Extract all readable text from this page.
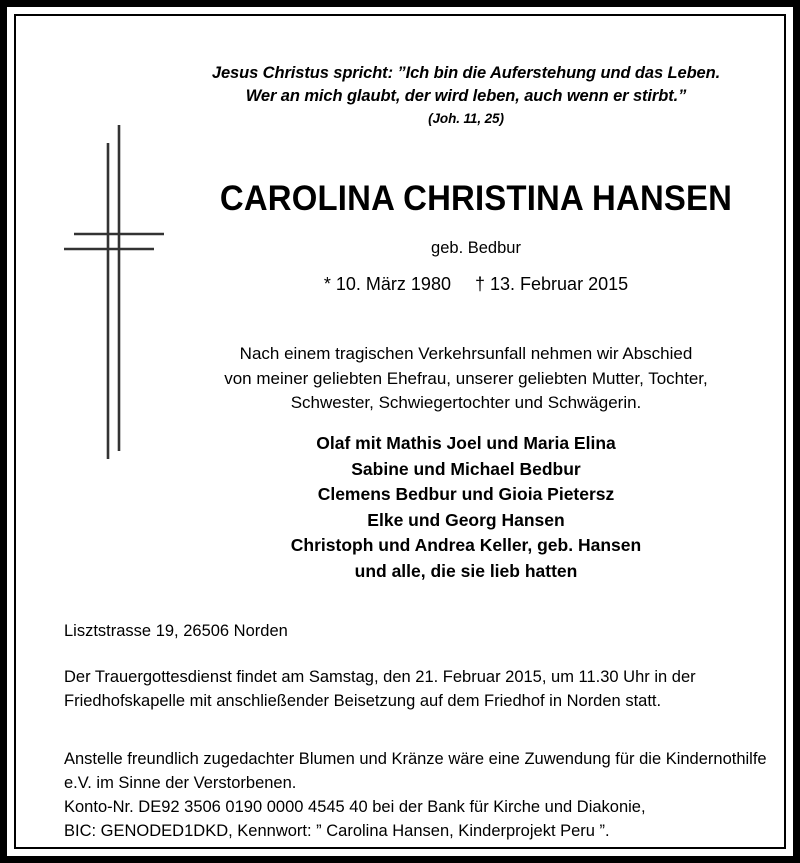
Jesus Christus spricht: ”Ich bin die Auferstehung und das Leben.
Wer an mich glaubt, der wird leben, auch wenn er stirbt.”
(Joh. 11, 25)
CAROLINA CHRISTINA HANSEN
geb. Bedbur
* 10. März 1980 † 13. Februar 2015
Nach einem tragischen Verkehrsunfall nehmen wir Abschied
von meiner geliebten Ehefrau, unserer geliebten Mutter, Tochter,
Schwester, Schwiegertochter und Schwägerin.
Olaf mit Mathis Joel und Maria Elina
Sabine und Michael Bedbur
Clemens Bedbur und Gioia Pietersz
Elke und Georg Hansen
Christoph und Andrea Keller, geb. Hansen
und alle, die sie lieb hatten
Lisztstrasse 19, 26506 Norden
Der Trauergottesdienst findet am Samstag, den 21. Februar 2015, um 11.30 Uhr in der Friedhofskapelle mit anschließender Beisetzung auf dem Friedhof in Norden statt.
Anstelle freundlich zugedachter Blumen und Kränze wäre eine Zuwendung für die Kindernothilfe e.V. im Sinne der Verstorbenen.
Konto-Nr. DE92 3506 0190 0000 4545 40 bei der Bank für Kirche und Diakonie,
BIC: GENODED1DKD, Kennwort: ” Carolina Hansen, Kinderprojekt Peru ”.
